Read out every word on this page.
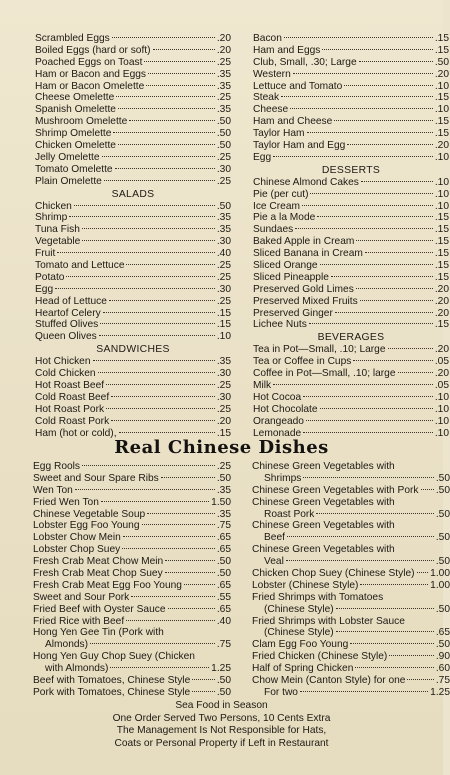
Scrambled Eggs	.20
Boiled Eggs (hard or soft)	.20
Poached Eggs on Toast	.25
Ham or Bacon and Eggs	.35
Ham or Bacon Omelette	.35
Cheese Omelette	.25
Spanish Omelette	.35
Mushroom Omelette	.50
Shrimp Omelette	.50
Chicken Omelette	.50
Jelly Omelette	.25
Tomato Omelette	.30
Plain Omelette	.25
SALADS
Chicken	.50
Shrimp	.35
Tuna Fish	.35
Vegetable	.30
Fruit	.40
Tomato and Lettuce	.25
Potato	.25
Egg	.30
Head of Lettuce	.25
Heartof Celery	.15
Stuffed Olives	.15
Queen Olives	.10
SANDWICHES
Hot Chicken	.35
Cold Chicken	.30
Hot Roast Beef	.25
Cold Roast Beef	.30
Hot Roast Pork	.25
Cold Roast Pork	.20
Ham (hot or cold),	.15
Bacon	.15
Ham and Eggs	.15
Club, Small, .30; Large	.50
Western	.20
Lettuce and Tomato	.10
Steak	.15
Cheese	.10
Ham and Cheese	.15
Taylor Ham	.15
Taylor Ham and Egg	.20
Egg	.10
DESSERTS
Chinese Almond Cakes	.10
Pie (per cut)	.10
Ice Cream	.10
Pie a la Mode	.15
Sundaes	.15
Baked Apple in Cream	.15
Sliced Banana in Cream	.15
Sliced Orange	.15
Sliced Pineapple	.15
Preserved Gold Limes	.20
Preserved Mixed Fruits	.20
Preserved Ginger	.20
Lichee Nuts	.15
BEVERAGES
Tea in Pot—Small, .10; Large	.20
Tea or Coffee in Cups	.05
Coffee in Pot—Small, .10; large	.20
Milk	.05
Hot Cocoa	.10
Hot Chocolate	.10
Orangeado	.10
Lemonade	.10
Real Chinese Dishes
Egg Rools	.25
Sweet and Sour Spare Ribs	.50
Wen Ton	.35
Fried Wen Ton	1.50
Chinese Vegetable Soup	.35
Lobster Egg Foo Young	.75
Lobster Chow Mein	.65
Lobster Chop Suey	.65
Fresh Crab Meat Chow Mein	.50
Fresh Crab Meat Chop Suey	.50
Fresh Crab Meat Egg Foo Young	.65
Sweet and Sour Pork	.55
Fried Beef with Oyster Sauce	.65
Fried Rice with Beef	.40
Hong Yen Gee Tin (Pork with
Almonds)	.75
Hong Yen Guy Chop Suey (Chicken
with Almonds)	1.25
Beef with Tomatoes, Chinese Style	.50
Pork with Tomatoes, Chinese Style	.50
Chinese Green Vegetables with
Shrimps	.50
Chinese Green Vegetables with Pork .50
Chinese Green Vegetables with
Roast Pork	.50
Chinese Green Vegetables with
Beef	.50
Chinese Green Vegetables with
Veal	.50
Chicken Chop Suey (Chinese Style) 1.00
Lobster (Chinese Style)	1.00
Fried Shrimps with Tomatoes
(Chinese Style)	.50
Fried Shrimps with Lobster Sauce
(Chinese Style)	.65
Clam Egg Foo Young	.50
Fried Chicken (Chinese Style)	.90
Half of Spring Chicken	.60
Chow Mein (Canton Style) for one	.75
For two	1.25
Sea Food in Season
One Order Served Two Persons, 10 Cents Extra
The Management Is Not Responsible for Hats,
Coats or Personal Property if Left in Restaurant
